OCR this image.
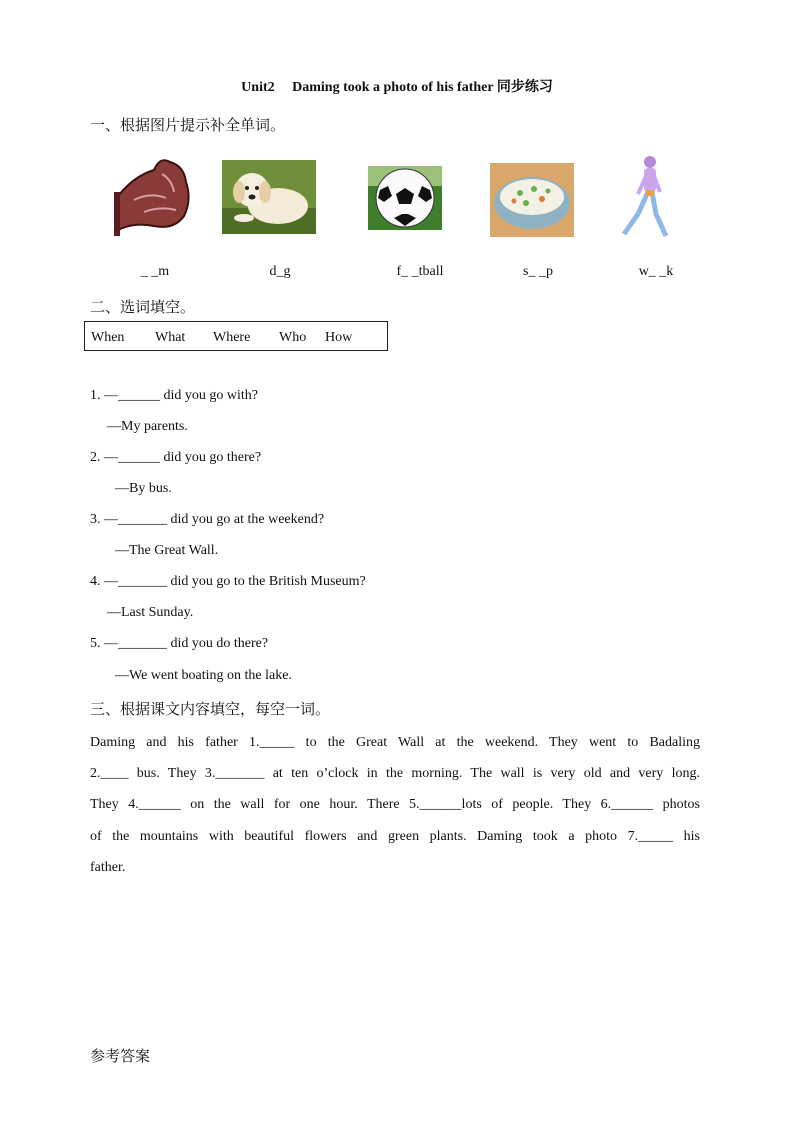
Unit2　 Daming took a photo of his father 同步练习
一、根据图片提示补全单词。
_ _m	d_g	f_ _tball	s_ _p	w_ _k
二、选词填空。
When What Where Who How
1. —______ did you go with?
—My parents.
2. —______ did you go there?
—By bus.
3. —_______ did you go at the weekend?
—The Great Wall.
4. —_______ did you go to the British Museum?
—Last Sunday.
5. —_______ did you do there?
—We went boating on the lake.
三、根据课文内容填空，每空一词。
Daming and his father 1._____ to the Great Wall at the weekend. They went to Badaling
2.____ bus. They 3._______ at ten o’clock in the morning. The wall is very old and very long.
They 4.______ on the wall for one hour. There 5.______lots of people. They 6.______ photos
of the mountains with beautiful flowers and green plants. Daming took a photo 7._____ his
father.
参考答案
